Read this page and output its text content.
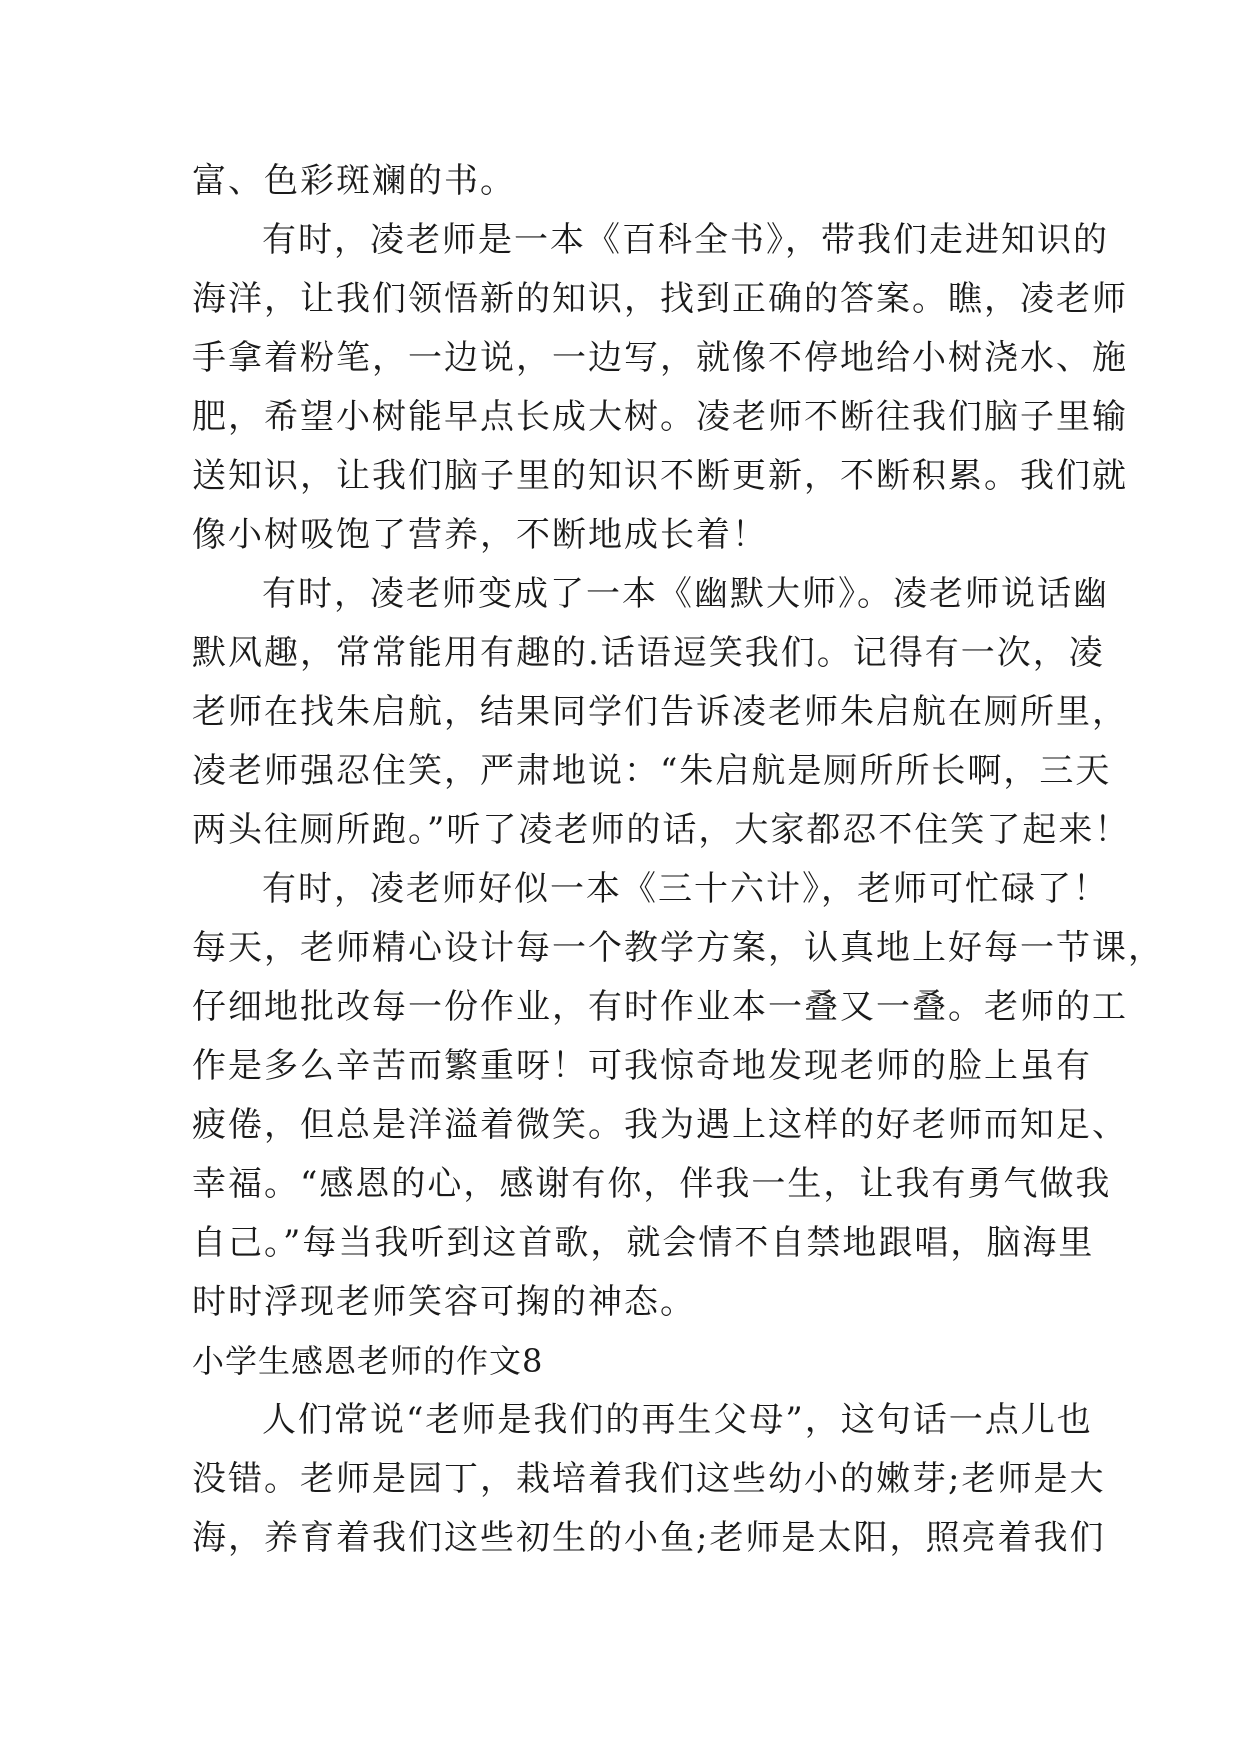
富、色彩斑斓的书。
有时，凌老师是一本《百科全书》，带我们走进知识的
海洋，让我们领悟新的知识，找到正确的答案。瞧，凌老师
手拿着粉笔，一边说，一边写，就像不停地给小树浇水、施
肥，希望小树能早点长成大树。凌老师不断往我们脑子里输
送知识，让我们脑子里的知识不断更新，不断积累。我们就
像小树吸饱了营养，不断地成长着！
有时，凌老师变成了一本《幽默大师》。凌老师说话幽
默风趣，常常能用有趣的.话语逗笑我们。记得有一次，凌
老师在找朱启航，结果同学们告诉凌老师朱启航在厕所里，
凌老师强忍住笑，严肃地说：“朱启航是厕所所长啊，三天
两头往厕所跑。”听了凌老师的话，大家都忍不住笑了起来！
有时，凌老师好似一本《三十六计》，老师可忙碌了！
每天，老师精心设计每一个教学方案，认真地上好每一节课，
仔细地批改每一份作业，有时作业本一叠又一叠。老师的工
作是多么辛苦而繁重呀！可我惊奇地发现老师的脸上虽有
疲倦，但总是洋溢着微笑。我为遇上这样的好老师而知足、
幸福。“感恩的心，感谢有你，伴我一生，让我有勇气做我
自己。”每当我听到这首歌，就会情不自禁地跟唱，脑海里
时时浮现老师笑容可掬的神态。
小学生感恩老师的作文8
人们常说“老师是我们的再生父母”，这句话一点儿也
没错。老师是园丁，栽培着我们这些幼小的嫩芽;老师是大
海，养育着我们这些初生的小鱼;老师是太阳，照亮着我们
